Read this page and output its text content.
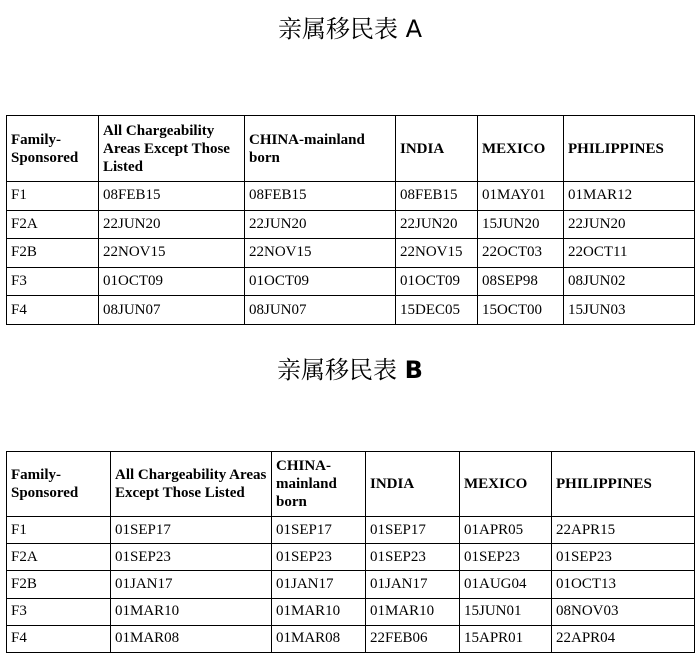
亲属移民表 A
Family-Sponsored	All Chargeability Areas Except Those Listed	CHINA-mainland born	INDIA	MEXICO	PHILIPPINES
F1	08FEB15	08FEB15	08FEB15	01MAY01	01MAR12
F2A	22JUN20	22JUN20	22JUN20	15JUN20	22JUN20
F2B	22NOV15	22NOV15	22NOV15	22OCT03	22OCT11
F3	01OCT09	01OCT09	01OCT09	08SEP98	08JUN02
F4	08JUN07	08JUN07	15DEC05	15OCT00	15JUN03
亲属移民表 B
Family-Sponsored	All Chargeability Areas Except Those Listed	CHINA-mainland born	INDIA	MEXICO	PHILIPPINES
F1	01SEP17	01SEP17	01SEP17	01APR05	22APR15
F2A	01SEP23	01SEP23	01SEP23	01SEP23	01SEP23
F2B	01JAN17	01JAN17	01JAN17	01AUG04	01OCT13
F3	01MAR10	01MAR10	01MAR10	15JUN01	08NOV03
F4	01MAR08	01MAR08	22FEB06	15APR01	22APR04
